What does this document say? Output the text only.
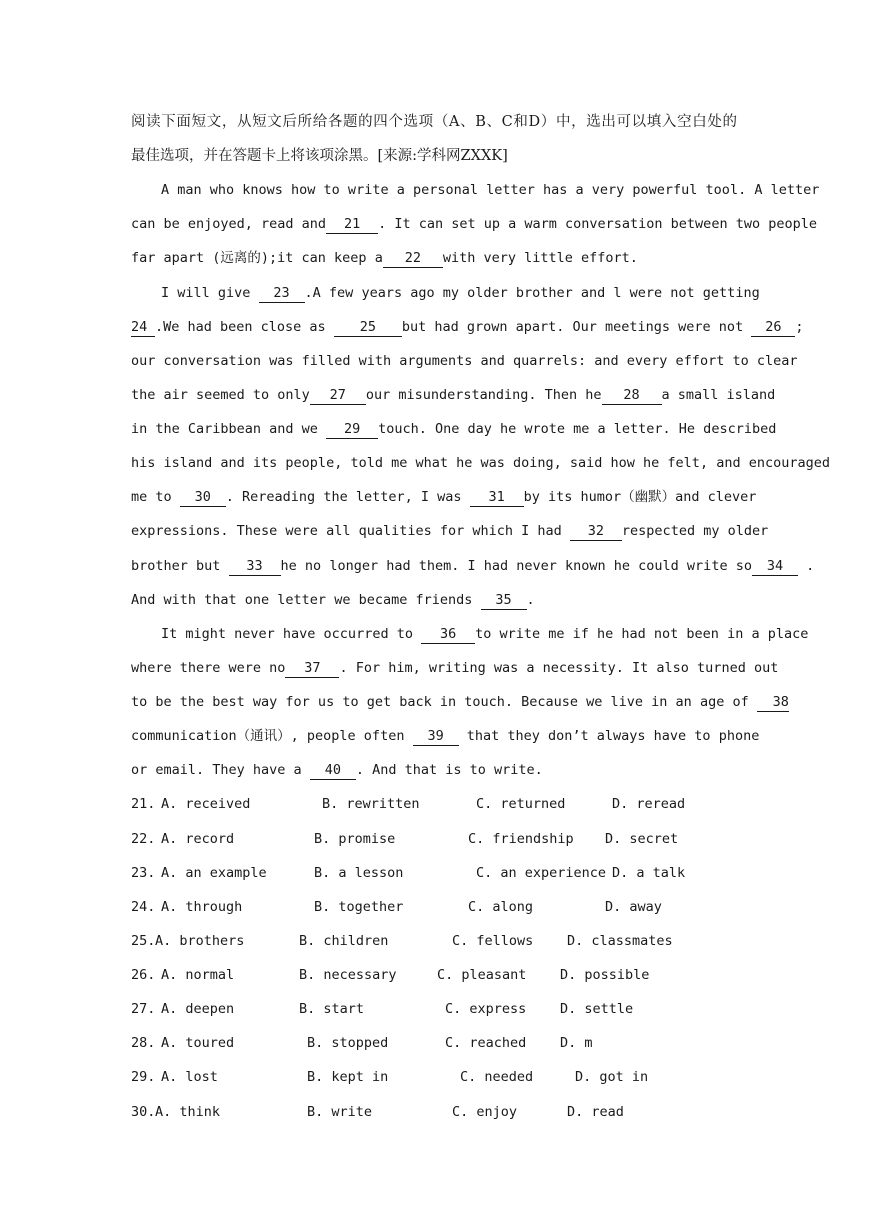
阅读下面短文，从短文后所给各题的四个选项（A、B、C和D）中，选出可以填入空白处的
最佳选项，并在答题卡上将该项涂黑。[来源:学科网ZXXK]
A man who knows how to write a personal letter has a very powerful tool. A letter
can be enjoyed, read and 21 . It can set up a warm conversation between two people
far apart (远离的);it can keep a 22 with very little effort.
I will give 23 .A few years ago my older brother and l were not getting
24 .We had been close as	25 but had grown apart. Our meetings were not 26 ;
our conversation was filled with arguments and quarrels: and every effort to clear
the air seemed to only 27 our misunderstanding. Then he 28 a small island
in the Caribbean and we 29 touch. One day he wrote me a letter. He described
his island and its people, told me what he was doing, said how he felt, and encouraged
me to 30 . Rereading the letter, I was 31 by its humor（幽默）and clever
expressions. These were all qualities for which I had 32 respected my older
brother but 33 he no longer had them. I had never known he could write so 34 .
And with that one letter we became friends 35 .
It might never have occurred to 36 to write me if he had not been in a place
where there were no 37 . For him, writing was a necessity. It also turned out
to be the best way for us to get back in touch. Because we live in an age of 38
communication（通讯）, people often 39 that they don’t always have to phone
or email. They have a 40 . And that is to write.
21. A. received	B. rewritten	C. returned	D. reread
22. A. record	B. promise	C. friendship D. secret
23. A. an example	B. a lesson	C. an experience D. a talk
24. A. through	B. together	C. along	D. away
25. A. brothers	B. children	C. fellows D. classmates
26. A. normal	B. necessary	C. pleasant D. possible
27. A. deepen	B. start	C. express D. settle
28. A. toured	B. stopped	C. reached D. m
29. A. lost	B. kept in	C. needed	D. got in
30. A. think	B. write	C. enjoy	D. read
